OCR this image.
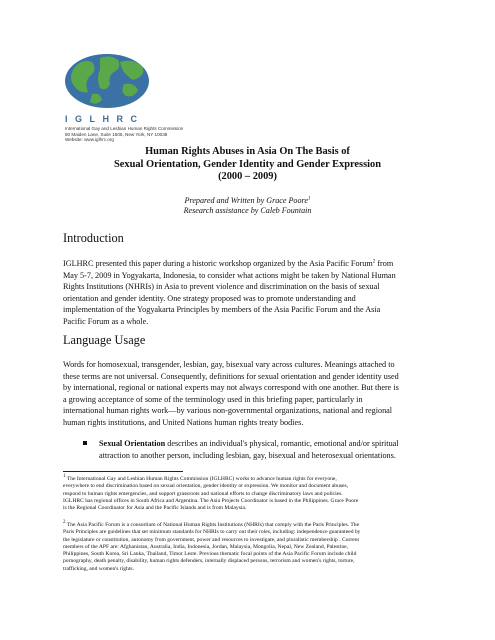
IGLHRC
International Gay and Lesbian Human Rights Commission
80 Maiden Lane, Suite 1505, New York, NY 10038
Website: www.iglhrc.org
Human Rights Abuses in Asia On The Basis of
Sexual Orientation, Gender Identity and Gender Expression
(2000 – 2009)
Prepared and Written by Grace Poore$^1$
Research assistance by Caleb Fountain
Introduction
IGLHRC presented this paper during a historic workshop organized by the Asia Pacific Forum$^2$ from
May 5-7, 2009 in Yogyakarta, Indonesia, to consider what actions might be taken by National Human
Rights Institutions (NHRIs) in Asia to prevent violence and discrimination on the basis of sexual
orientation and gender identity. One strategy proposed was to promote understanding and
implementation of the Yogyakarta Principles by members of the Asia Pacific Forum and the Asia
Pacific Forum as a whole.
Language Usage
Words for homosexual, transgender, lesbian, gay, bisexual vary across cultures. Meanings attached to
these terms are not universal. Consequently, definitions for sexual orientation and gender identity used
by international, regional or national experts may not always correspond with one another. But there is
a growing acceptance of some of the terminology used in this briefing paper, particularly in
international human rights work—by various non-governmental organizations, national and regional
human rights institutions, and United Nations human rights treaty bodies.
Sexual Orientation describes an individual's physical, romantic, emotional and/or spiritual
attraction to another person, including lesbian, gay, bisexual and heterosexual orientations.
$^1$ The International Gay and Lesbian Human Rights Commission (IGLHRC) works to advance human rights for everyone,
everywhere to end discrimination based on sexual orientation, gender identity or expression. We monitor and document abuses,
respond to human rights emergencies, and support grassroots and national efforts to change discriminatory laws and policies.
IGLHRC has regional offices in South Africa and Argentina. The Asia Projects Coordinator is based in the Philippines. Grace Poore
is the Regional Coordinator for Asia and the Pacific Islands and is from Malaysia.
$^2$ The Asia Pacific Forum is a consortium of National Human Rights Institutions (NHRIs) that comply with the Paris Principles. The
Paris Principles are guidelines that set minimum standards for NHRIs to carry out their roles, including: independence guaranteed by
the legislature or constitution, autonomy from government, power and resources to investigate, and pluralistic membership . Current
members of the APF are: Afghanistan, Australia, India, Indonesia, Jordan, Malaysia, Mongolia, Nepal, New Zealand, Palestine,
Philippines, South Korea, Sri Lanka, Thailand, Timor Leste. Previous thematic focal points of the Asia Pacific Forum include child
pornography, death penalty, disability, human rights defenders, internally displaced persons, terrorism and women's rights, torture,
trafficking, and women's rights.
